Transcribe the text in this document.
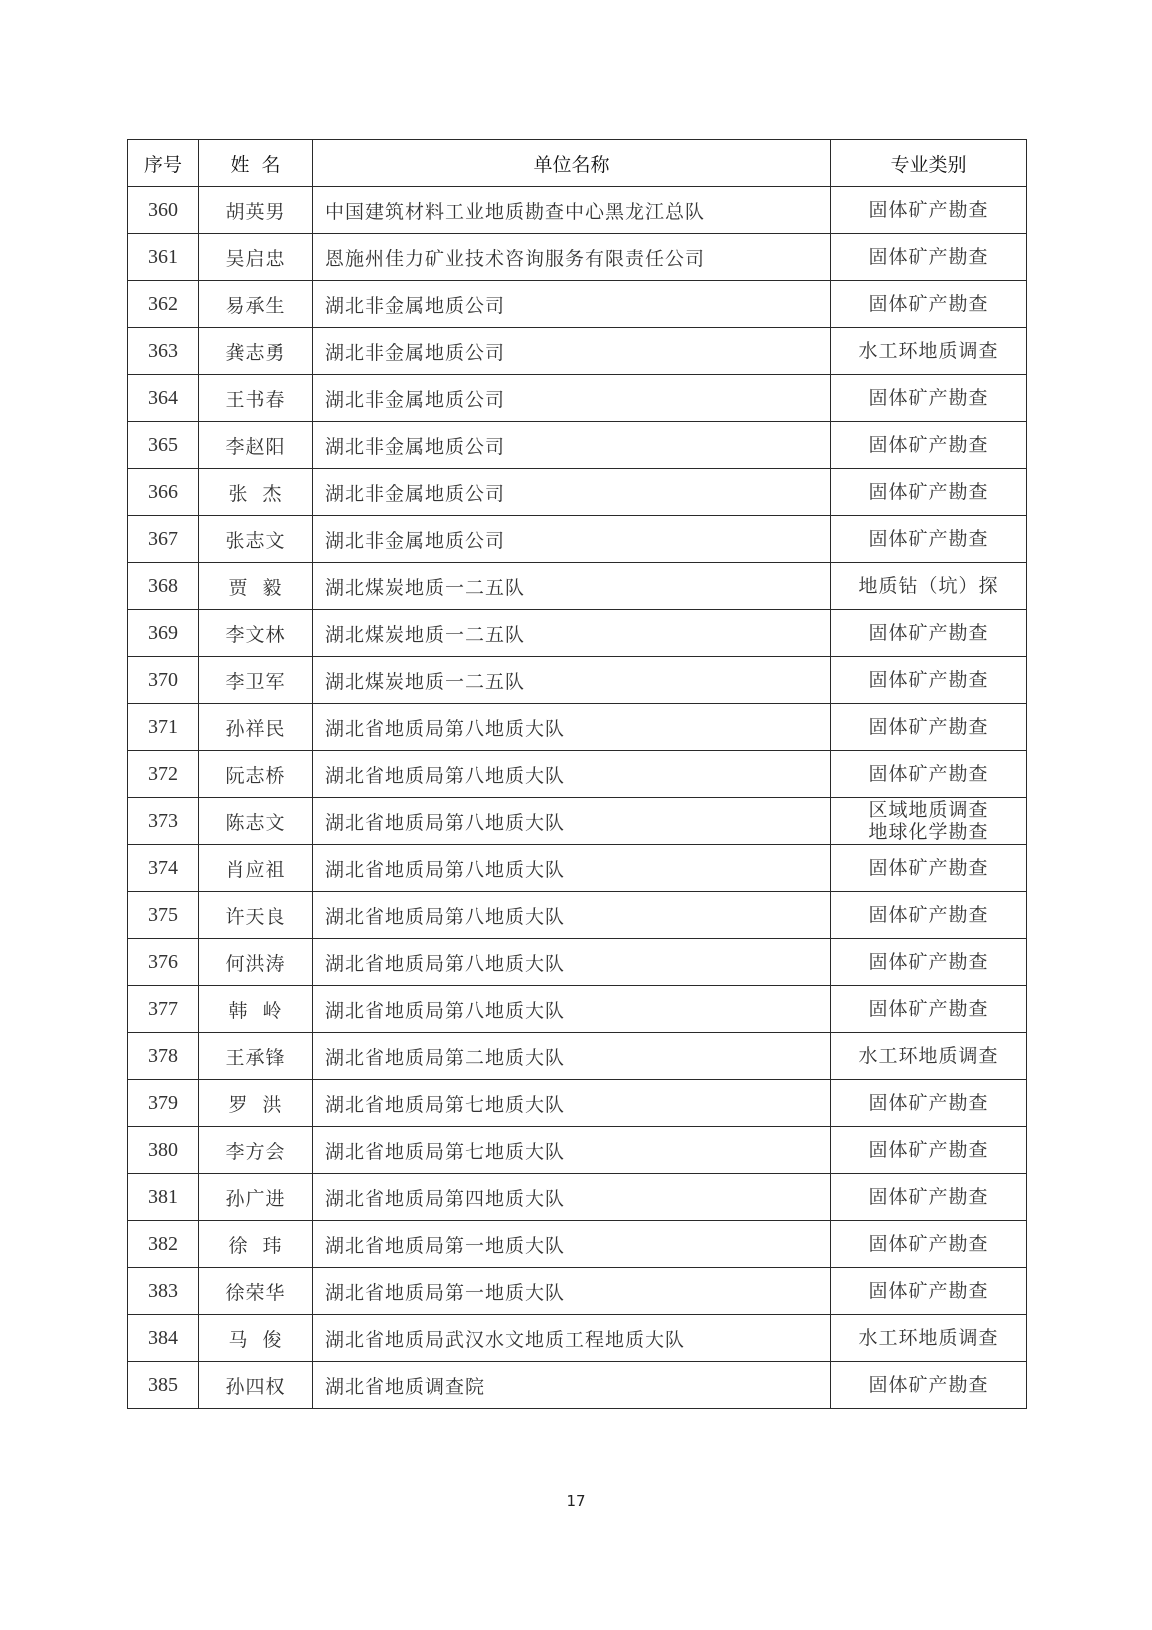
序号	姓  名	单位名称	专业类别
360	胡英男	中国建筑材料工业地质勘查中心黑龙江总队	固体矿产勘查

361	吴启忠	恩施州佳力矿业技术咨询服务有限责任公司	固体矿产勘查

362	易承生	湖北非金属地质公司	固体矿产勘查

363	龚志勇	湖北非金属地质公司	水工环地质调查

364	王书春	湖北非金属地质公司	固体矿产勘查

365	李赵阳	湖北非金属地质公司	固体矿产勘查

366	张  杰	湖北非金属地质公司	固体矿产勘查

367	张志文	湖北非金属地质公司	固体矿产勘查

368	贾  毅	湖北煤炭地质一二五队	地质钻（坑）探

369	李文林	湖北煤炭地质一二五队	固体矿产勘查

370	李卫军	湖北煤炭地质一二五队	固体矿产勘查

371	孙祥民	湖北省地质局第八地质大队	固体矿产勘查

372	阮志桥	湖北省地质局第八地质大队	固体矿产勘查

373	陈志文	湖北省地质局第八地质大队	区域地质调查
地球化学勘查

374	肖应祖	湖北省地质局第八地质大队	固体矿产勘查

375	许天良	湖北省地质局第八地质大队	固体矿产勘查

376	何洪涛	湖北省地质局第八地质大队	固体矿产勘查

377	韩  岭	湖北省地质局第八地质大队	固体矿产勘查

378	王承锋	湖北省地质局第二地质大队	水工环地质调查

379	罗  洪	湖北省地质局第七地质大队	固体矿产勘查

380	李方会	湖北省地质局第七地质大队	固体矿产勘查

381	孙广进	湖北省地质局第四地质大队	固体矿产勘查

382	徐  玮	湖北省地质局第一地质大队	固体矿产勘查

383	徐荣华	湖北省地质局第一地质大队	固体矿产勘查

384	马  俊	湖北省地质局武汉水文地质工程地质大队	水工环地质调查

385	孙四权	湖北省地质调查院	固体矿产勘查
17
